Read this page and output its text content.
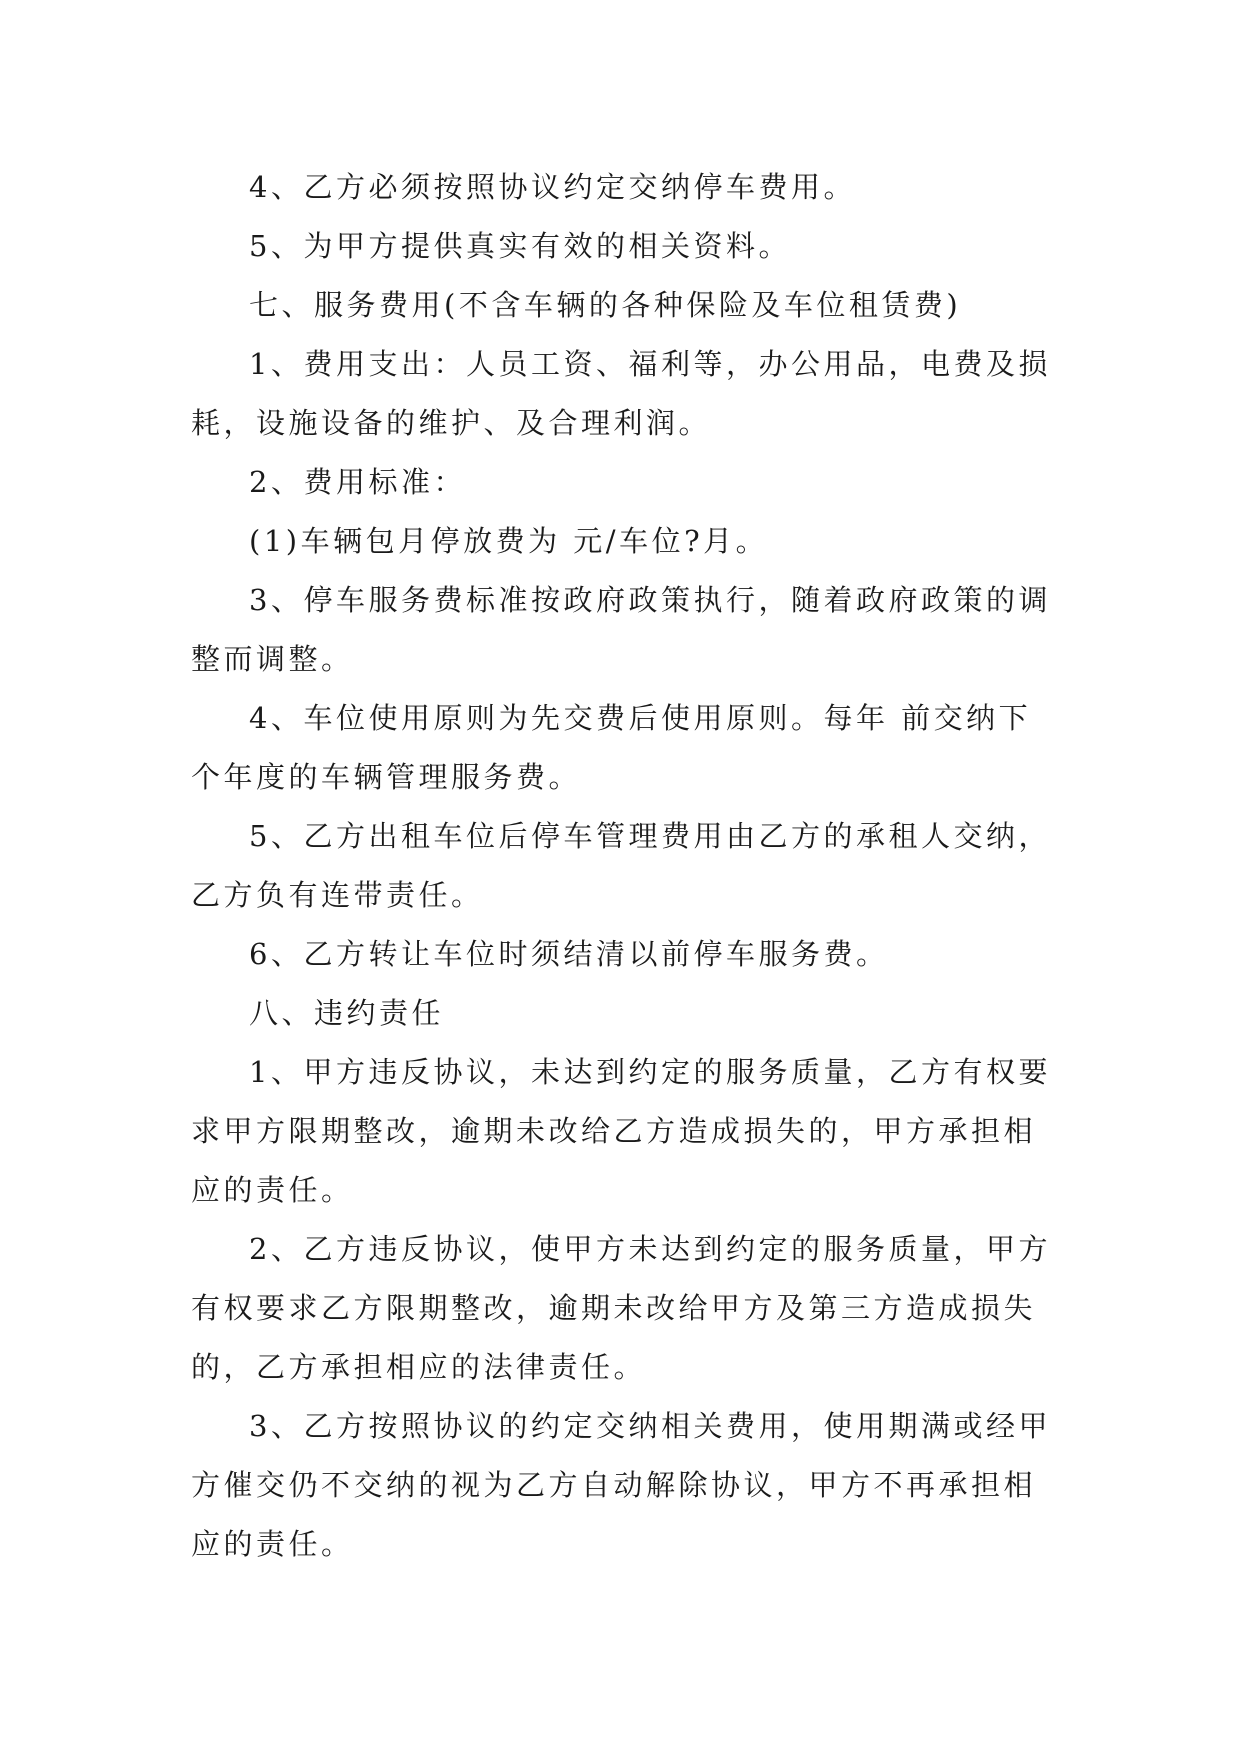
4、乙方必须按照协议约定交纳停车费用。

5、为甲方提供真实有效的相关资料。

七、服务费用(不含车辆的各种保险及车位租赁费)

1、费用支出：人员工资、福利等，办公用品，电费及损耗，设施设备的维护、及合理利润。

2、费用标准：

(1)车辆包月停放费为 元/车位?月。

3、停车服务费标准按政府政策执行，随着政府政策的调整而调整。

4、车位使用原则为先交费后使用原则。每年 前交纳下个年度的车辆管理服务费。

5、乙方出租车位后停车管理费用由乙方的承租人交纳，乙方负有连带责任。

6、乙方转让车位时须结清以前停车服务费。

八、违约责任

1、甲方违反协议，未达到约定的服务质量，乙方有权要求甲方限期整改，逾期未改给乙方造成损失的，甲方承担相应的责任。

2、乙方违反协议，使甲方未达到约定的服务质量，甲方有权要求乙方限期整改，逾期未改给甲方及第三方造成损失的，乙方承担相应的法律责任。

3、乙方按照协议的约定交纳相关费用，使用期满或经甲方催交仍不交纳的视为乙方自动解除协议，甲方不再承担相应的责任。
